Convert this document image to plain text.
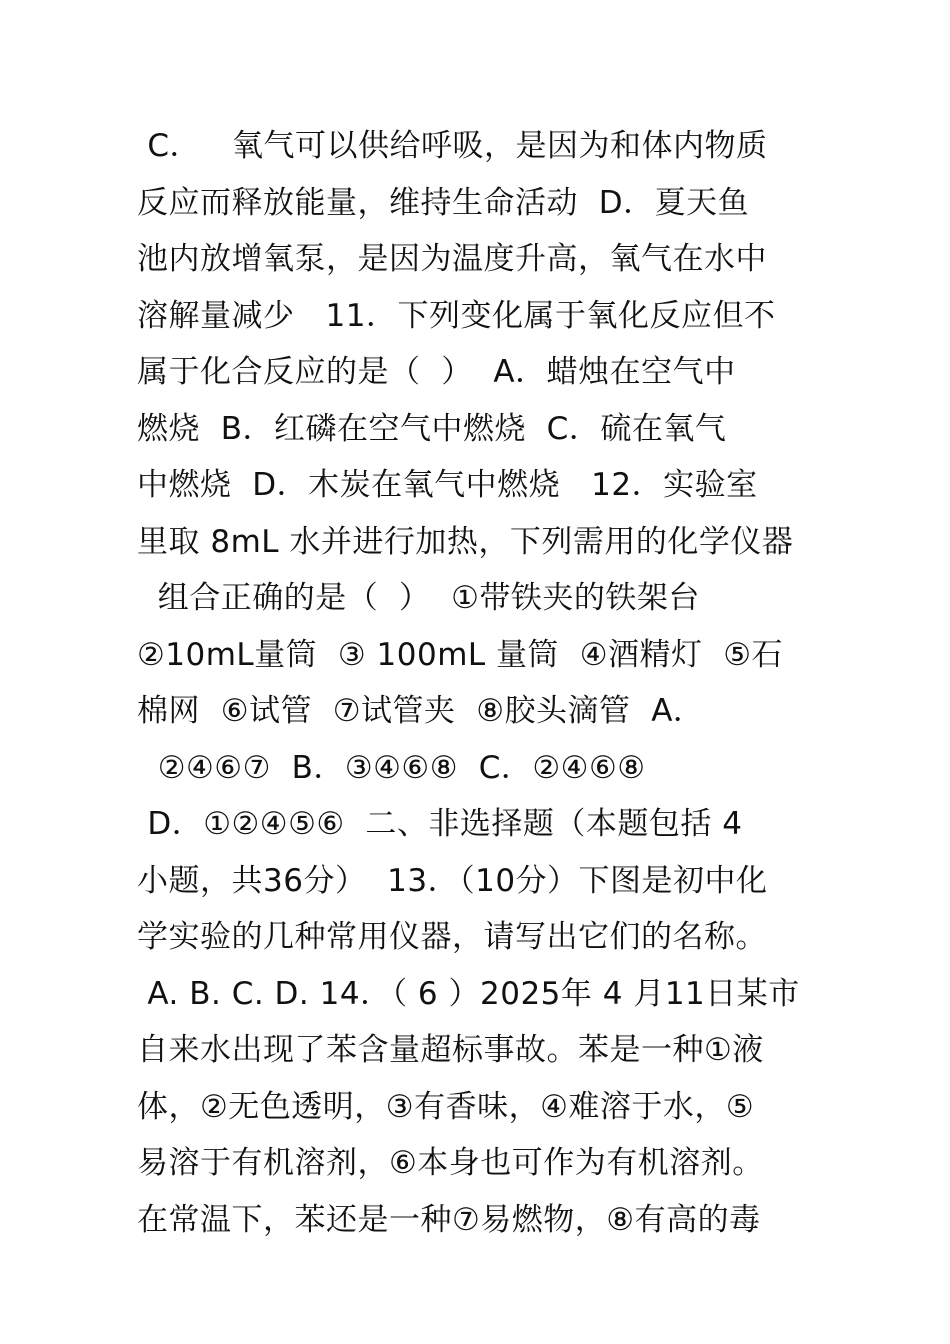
C．   氧气可以供给呼吸，是因为和体内物质
反应而释放能量，维持生命活动  D．夏天鱼
池内放增氧泵，是因为温度升高，氧气在水中
溶解量减少   11．下列变化属于氧化反应但不
属于化合反应的是（  ）  A．蜡烛在空气中
燃烧  B．红磷在空气中燃烧  C．硫在氧气
中燃烧  D．木炭在氧气中燃烧   12．实验室
里取 8mL 水并进行加热，下列需用的化学仪器
组合正确的是（  ）  ①带铁夹的铁架台
②10mL量筒  ③ 100mL 量筒  ④酒精灯  ⑤石
棉网  ⑥试管  ⑦试管夹  ⑧胶头滴管  A．
②④⑥⑦  B．③④⑥⑧  C．②④⑥⑧
D．①②④⑤⑥  二、非选择题（本题包括 4
小题，共36分）  13．（10分）下图是初中化
学实验的几种常用仪器，请写出它们的名称。
A. B. C. D. 14．（ 6 ）2025年 4 月11日某市
自来水出现了苯含量超标事故。苯是一种①液
体，②无色透明，③有香味，④难溶于水，⑤
易溶于有机溶剂，⑥本身也可作为有机溶剂。
在常温下，苯还是一种⑦易燃物，⑧有高的毒
